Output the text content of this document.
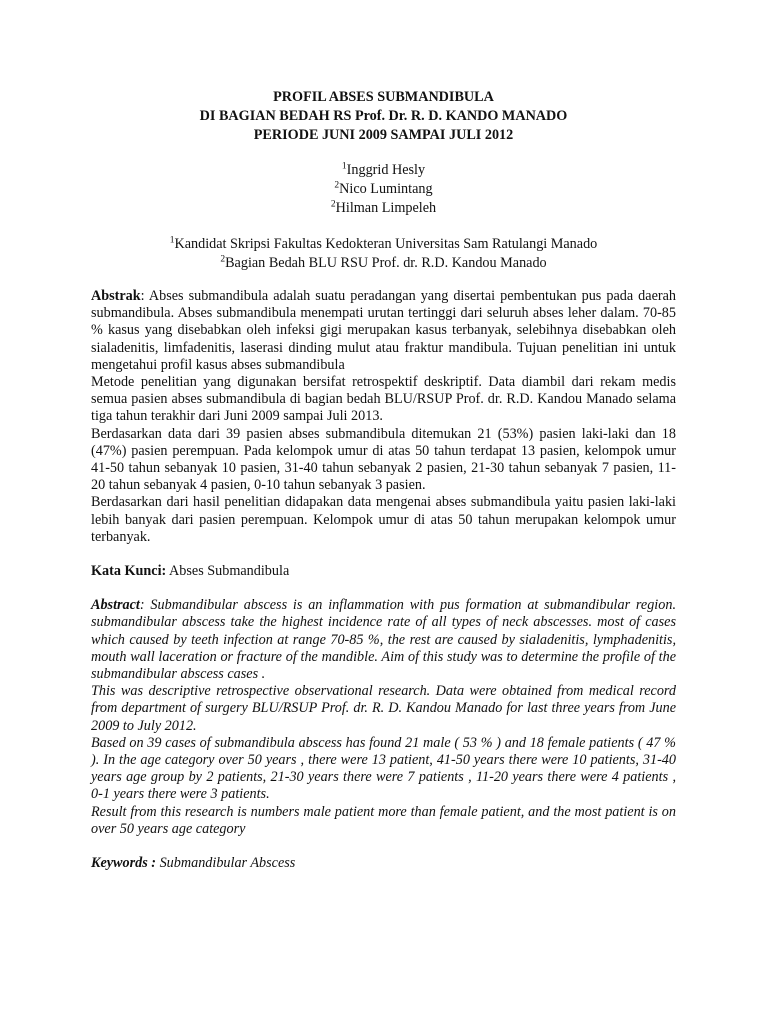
PROFIL ABSES SUBMANDIBULA
DI BAGIAN BEDAH RS Prof. Dr. R. D. KANDO MANADO
PERIODE JUNI 2009 SAMPAI JULI 2012
$^1$Inggrid Hesly
$^2$Nico Lumintang
$^2$Hilman Limpeleh
$^1$Kandidat Skripsi Fakultas Kedokteran Universitas Sam Ratulangi Manado
$^2$Bagian Bedah BLU RSU Prof. dr. R.D. Kandou Manado

Abstrak: Abses submandibula adalah suatu peradangan yang disertai pembentukan pus pada daerah submandibula. Abses submandibula menempati urutan tertinggi dari seluruh abses leher dalam. 70-85 % kasus yang disebabkan oleh infeksi gigi merupakan kasus terbanyak, selebihnya disebabkan oleh sialadenitis, limfadenitis, laserasi dinding mulut atau fraktur mandibula. Tujuan penelitian ini untuk mengetahui profil kasus abses submandibula

Metode penelitian yang digunakan bersifat retrospektif deskriptif. Data diambil dari rekam medis semua pasien abses submandibula di bagian bedah BLU/RSUP Prof. dr. R.D. Kandou Manado selama tiga tahun terakhir dari Juni 2009 sampai Juli 2013.

Berdasarkan data dari 39 pasien abses submandibula ditemukan 21 (53%) pasien laki-laki dan 18 (47%) pasien perempuan. Pada kelompok umur di atas 50 tahun terdapat 13 pasien, kelompok umur 41-50 tahun sebanyak 10 pasien, 31-40 tahun sebanyak 2 pasien, 21-30 tahun sebanyak 7 pasien, 11-20 tahun sebanyak 4 pasien, 0-10 tahun sebanyak 3 pasien.

Berdasarkan dari hasil penelitian didapakan data mengenai abses submandibula yaitu pasien laki-laki lebih banyak dari pasien perempuan. Kelompok umur di atas 50 tahun merupakan kelompok umur terbanyak.

Kata Kunci: Abses Submandibula

Abstract: Submandibular abscess is an inflammation with pus formation at submandibular region. submandibular abscess take the highest incidence rate of all types of neck abscesses. most of cases which caused by teeth infection at range 70-85 %, the rest are caused by sialadenitis, lymphadenitis, mouth wall laceration or fracture of the mandible. Aim of this study was to determine the profile of the submandibular abscess cases .

This was descriptive retrospective observational research. Data were obtained from medical record from department of surgery BLU/RSUP Prof. dr. R. D. Kandou Manado for last three years from June 2009 to July 2012.

Based on 39 cases of submandibula abscess has found 21 male ( 53 % ) and 18 female patients ( 47 % ). In the age category over 50 years , there were 13 patient, 41-50 years there were 10 patients, 31-40 years age group by 2 patients, 21-30 years there were 7 patients , 11-20 years there were 4 patients , 0-1 years there were 3 patients.

Result from this research is numbers male patient more than female patient, and the most patient is on over 50 years age category

Keywords : Submandibular Abscess
